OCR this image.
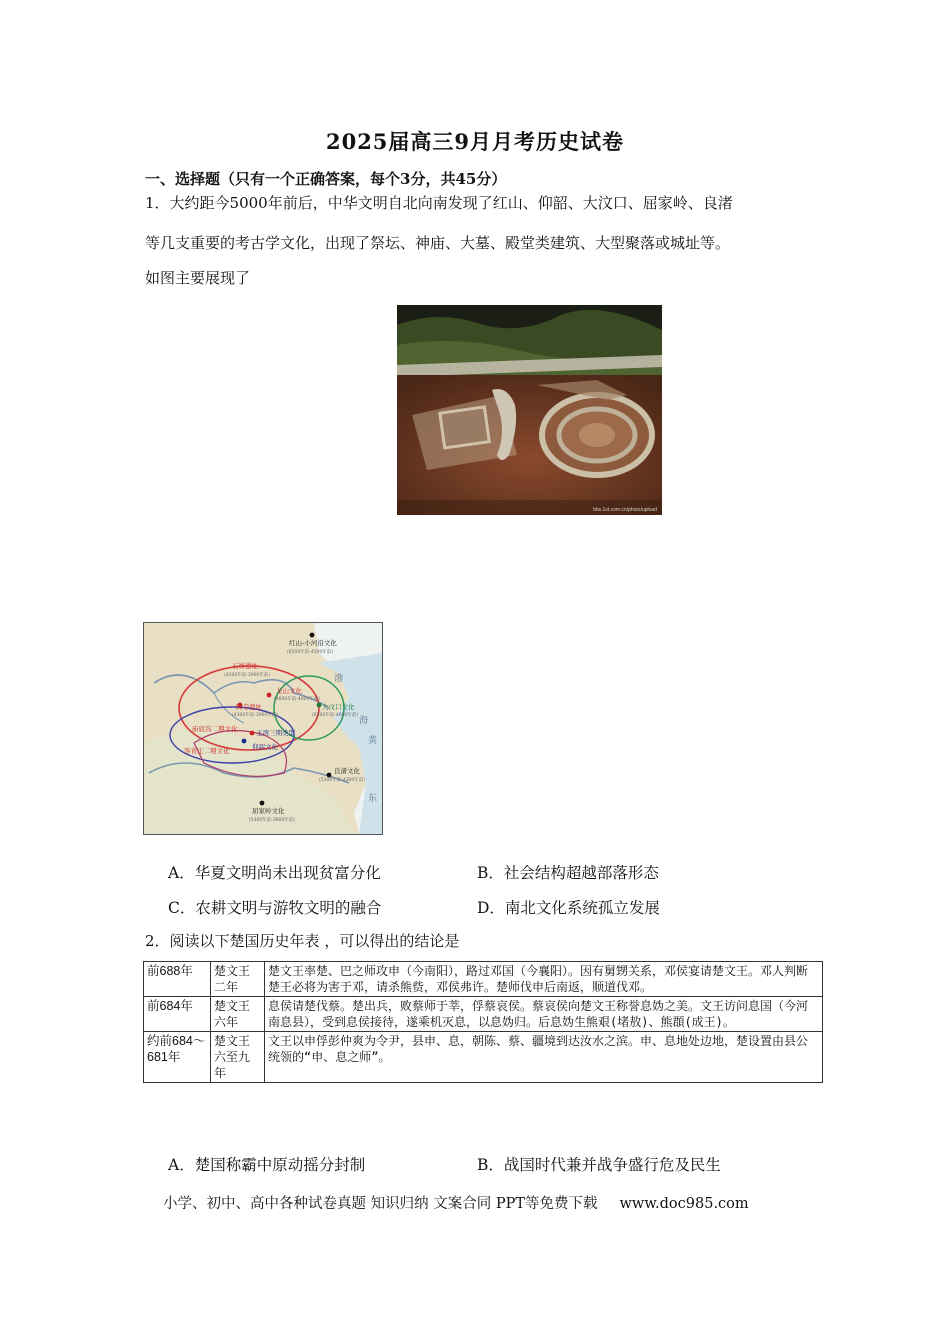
2025届高三9月月考历史试卷
一、选择题（只有一个正确答案，每个3分，共45分）
1．大约距今5000年前后，中华文明自北向南发现了红山、仰韶、大汶口、屈家岭、良渚
等几支重要的考古学文化，出现了祭坛、神庙、大墓、殿堂类建筑、大型聚落或城址等。
如图主要展现了
bbs.1st.com.cn/photo/upload
红山-小河沿文化
(6500年前-4500年前)
石峁遗址
(4200年前-3900年前)
龙山文化
(4600年前-4000年前)
陶寺遗址
(4300年前-3900年前)
大汶口文化
(6300年前-4600年前)
庙底沟二期文化	王湾三期类型
客省庄二期文化	仰韶文化
良渚文化
(5300年前-4300年前)
屈家岭文化
(5300年前-3900年前)
渤
海
黄
东
A．华夏文明尚未出现贫富分化	B．社会结构超越部落形态
C．农耕文明与游牧文明的融合	D．南北文化系统孤立发展
2．阅读以下楚国历史年表 ，可以得出的结论是
前688年	楚文王二年	楚文王率楚、巴之师攻申（今南阳），路过邓国（今襄阳）。因有舅甥关系，邓侯宴请楚文王。邓人判断楚王必将为害于邓，请杀熊赀，邓侯弗许。楚师伐申后南返，顺道伐邓。
前684年	楚文王六年	息侯请楚伐蔡。楚出兵，败蔡师于莘，俘蔡哀侯。蔡哀侯向楚文王称誉息妫之美。文王访问息国（今河南息县），受到息侯接待，遂乘机灭息，以息妫归。后息妫生熊艰(堵敖)、熊頵(成王)。
约前684～681年	楚文王六至九年	文王以申俘彭仲爽为令尹，县申、息，朝陈、蔡、疆境到达汝水之滨。申、息地处边地，楚设置由县公统领的“申、息之师”。
A．楚国称霸中原动摇分封制	B．战国时代兼并战争盛行危及民生
小学、初中、高中各种试卷真题 知识归纳 文案合同 PPT等免费下载 www.doc985.com
